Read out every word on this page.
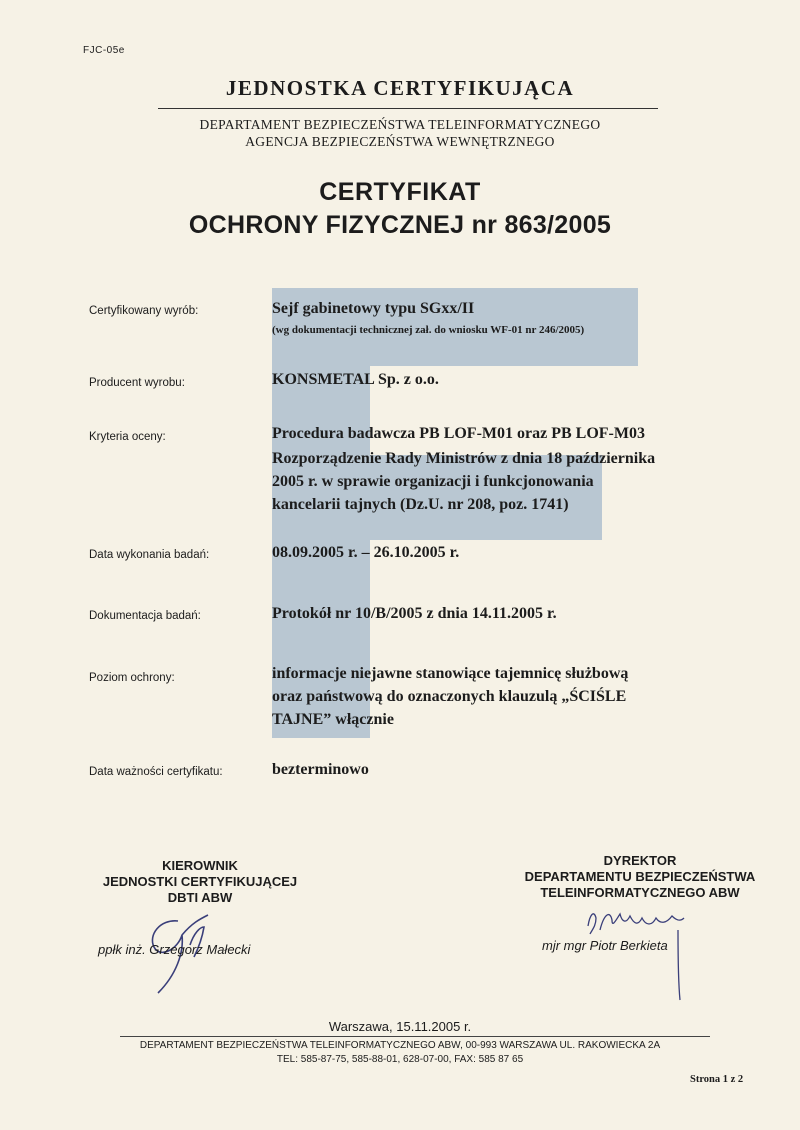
FJC-05e
JEDNOSTKA CERTYFIKUJĄCA
DEPARTAMENT BEZPIECZEŃSTWA TELEINFORMATYCZNEGO
AGENCJA BEZPIECZEŃSTWA WEWNĘTRZNEGO
CERTYFIKAT
OCHRONY FIZYCZNEJ nr 863/2005
Certyfikowany wyrób:	Sejf gabinetowy typu SGxx/II
(wg dokumentacji technicznej zał. do wniosku WF-01 nr 246/2005)
Producent wyrobu:	KONSMETAL Sp. z o.o.
Kryteria oceny:	Procedura badawcza PB LOF-M01 oraz PB LOF-M03
Rozporządzenie Rady Ministrów z dnia 18 października
2005 r. w sprawie organizacji i funkcjonowania
kancelarii tajnych (Dz.U. nr 208, poz. 1741)
Data wykonania badań:	08.09.2005 r. – 26.10.2005 r.
Dokumentacja badań:	Protokół nr 10/B/2005 z dnia 14.11.2005 r.
Poziom ochrony:	informacje niejawne stanowiące tajemnicę służbową
oraz państwową do oznaczonych klauzulą „ŚCIŚLE
TAJNE” włącznie
Data ważności certyfikatu:	bezterminowo
KIEROWNIK
JEDNOSTKI CERTYFIKUJĄCEJ
DBTI ABW
ppłk inż. Grzegorz Małecki
DYREKTOR
DEPARTAMENTU BEZPIECZEŃSTWA
TELEINFORMATYCZNEGO ABW
mjr mgr Piotr Berkieta
Warszawa, 15.11.2005 r.
DEPARTAMENT BEZPIECZEŃSTWA TELEINFORMATYCZNEGO ABW, 00-993 WARSZAWA UL. RAKOWIECKA 2A
TEL: 585-87-75, 585-88-01, 628-07-00, FAX: 585 87 65
Strona 1 z 2
